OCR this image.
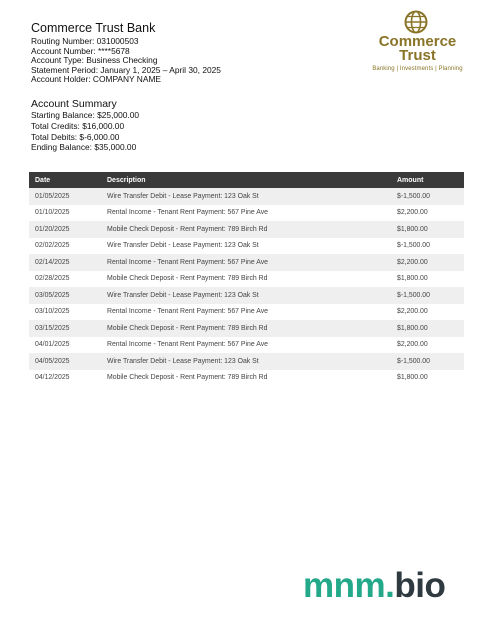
Commerce Trust Bank
Routing Number: 031000503
Account Number: ****5678
Account Type: Business Checking
Statement Period: January 1, 2025 – April 30, 2025
Account Holder: COMPANY NAME
Commerce
Trust
Banking | Investments | Planning
Account Summary
Starting Balance: $25,000.00
Total Credits: $16,000.00
Total Debits: $-6,000.00
Ending Balance: $35,000.00
Date	Description	Amount
01/05/2025	Wire Transfer Debit - Lease Payment: 123 Oak St	$-1,500.00
01/10/2025	Rental Income - Tenant Rent Payment: 567 Pine Ave	$2,200.00
01/20/2025	Mobile Check Deposit - Rent Payment: 789 Birch Rd	$1,800.00
02/02/2025	Wire Transfer Debit - Lease Payment: 123 Oak St	$-1,500.00
02/14/2025	Rental Income - Tenant Rent Payment: 567 Pine Ave	$2,200.00
02/28/2025	Mobile Check Deposit - Rent Payment: 789 Birch Rd	$1,800.00
03/05/2025	Wire Transfer Debit - Lease Payment: 123 Oak St	$-1,500.00
03/10/2025	Rental Income - Tenant Rent Payment: 567 Pine Ave	$2,200.00
03/15/2025	Mobile Check Deposit - Rent Payment: 789 Birch Rd	$1,800.00
04/01/2025	Rental Income - Tenant Rent Payment: 567 Pine Ave	$2,200.00
04/05/2025	Wire Transfer Debit - Lease Payment: 123 Oak St	$-1,500.00
04/12/2025	Mobile Check Deposit - Rent Payment: 789 Birch Rd	$1,800.00
mnm.bio
